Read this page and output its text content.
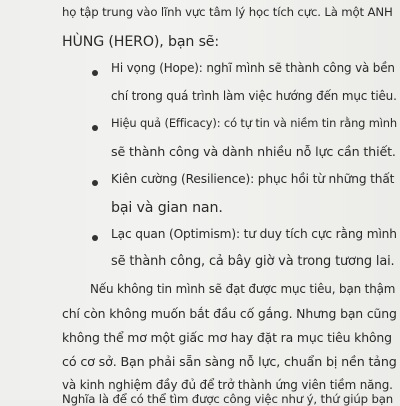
họ tập trung vào lĩnh vực tâm lý học tích cực. Là một ANH
HÙNG (HERO), bạn sẽ:
Hi vọng (Hope): nghĩ mình sẽ thành công và bền
chí trong quá trình làm việc hướng đến mục tiêu.
Hiệu quả (Efficacy): có tự tin và niềm tin rằng mình
sẽ thành công và dành nhiều nỗ lực cần thiết.
Kiên cường (Resilience): phục hồi từ những thất
bại và gian nan.
Lạc quan (Optimism): tư duy tích cực rằng mình
sẽ thành công, cả bây giờ và trong tương lai.
Nếu không tin mình sẽ đạt được mục tiêu, bạn thậm
chí còn không muốn bắt đầu cố gắng. Nhưng bạn cũng
không thể mơ một giấc mơ hay đặt ra mục tiêu không
có cơ sở. Bạn phải sẵn sàng nỗ lực, chuẩn bị nền tảng
và kinh nghiệm đầy đủ để trở thành ứng viên tiềm năng.
Nghĩa là để có thể tìm được công việc như ý, thứ giúp bạn
